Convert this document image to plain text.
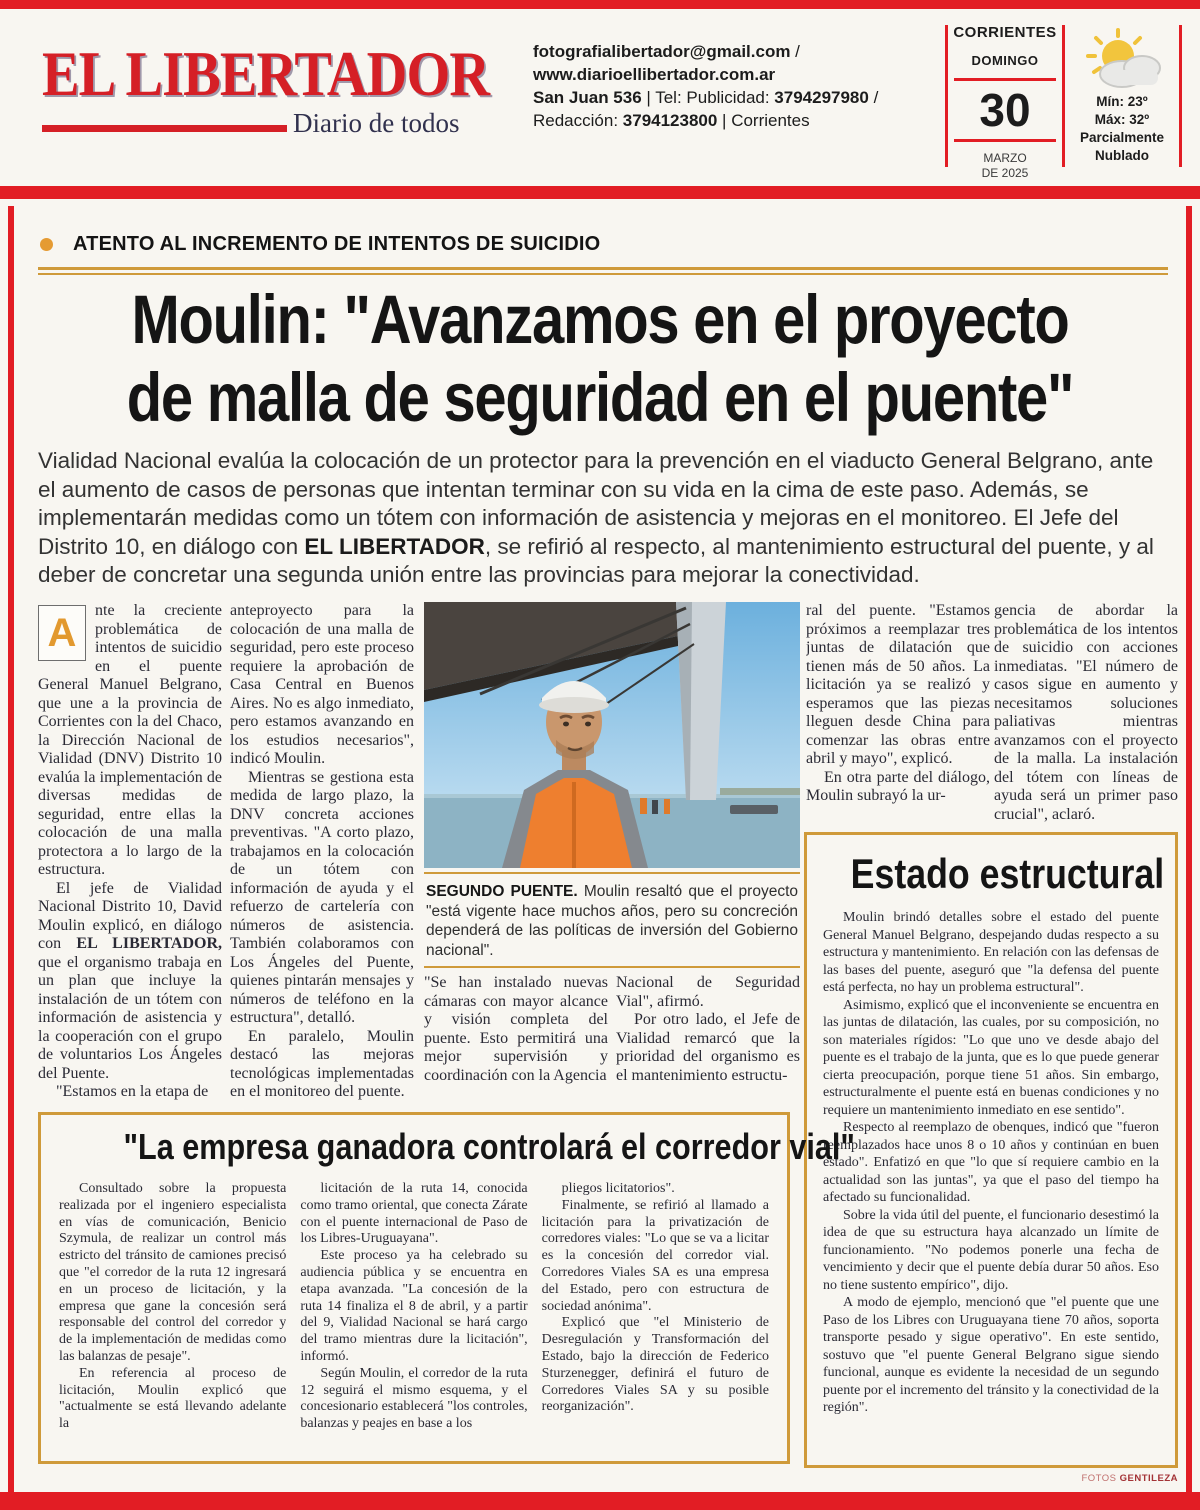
EL LIBERTADOR
Diario de todos
fotografialibertador@gmail.com /
www.diarioellibertador.com.ar
San Juan 536 | Tel: Publicidad: 3794297980 /
Redacción: 3794123800 | Corrientes
CORRIENTES
DOMINGO
30
MARZO
DE 2025
Mín: 23º
Máx: 32º
Parcialmente
Nublado
ATENTO AL INCREMENTO DE INTENTOS DE SUICIDIO
Moulin: "Avanzamos en el proyecto
de malla de seguridad en el puente"
Vialidad Nacional evalúa la colocación de un protector para la prevención en el viaducto General Belgrano, ante el aumento de casos de personas que intentan terminar con su vida en la cima de este paso. Además, se implementarán medidas como un tótem con información de asistencia y mejoras en el monitoreo. El Jefe del Distrito 10, en diálogo con EL LIBERTADOR, se refirió al respecto, al mantenimiento estructural del puente, y al deber de concretar una segunda unión entre las provincias para mejorar la conectividad.
A

nte la creciente problemática de intentos de suicidio en el puente General Manuel Belgrano, que une a la provincia de Corrientes con la del Chaco, la Dirección Nacional de Vialidad (DNV) Distrito 10 evalúa la implementación de diversas medidas de seguridad, entre ellas la colocación de una malla protectora a lo largo de la estructura.

El jefe de Vialidad Nacional Distrito 10, David Moulin explicó, en diálogo con EL LIBERTADOR, que el organismo trabaja en un plan que incluye la instalación de un tótem con información de asistencia y la cooperación con el grupo de voluntarios Los Ángeles del Puente.

"Estamos en la etapa de

anteproyecto para la colocación de una malla de seguridad, pero este proceso requiere la aprobación de Casa Central en Buenos Aires. No es algo inmediato, pero estamos avanzando en los estudios necesarios", indicó Moulin.

Mientras se gestiona esta medida de largo plazo, la DNV concreta acciones preventivas. "A corto plazo, trabajamos en la colocación de un tótem con información de ayuda y el refuerzo de cartelería con números de asistencia. También colaboramos con Los Ángeles del Puente, quienes pintarán mensajes y números de teléfono en la estructura", detalló.

En paralelo, Moulin destacó las mejoras tecnológicas implementadas en el monitoreo del puente.

SEGUNDO PUENTE. Moulin resaltó que el proyecto "está vigente hace muchos años, pero su concreción dependerá de las políticas de inversión del Gobierno nacional".

"Se han instalado nuevas cámaras con mayor alcance y visión completa del puente. Esto permitirá una mejor supervisión y coordinación con la Agencia

Nacional de Seguridad Vial", afirmó.

Por otro lado, el Jefe de Vialidad remarcó que la prioridad del organismo es el mantenimiento estructu-

ral del puente. "Estamos próximos a reemplazar tres juntas de dilatación que tienen más de 50 años. La licitación ya se realizó y esperamos que las piezas lleguen desde China para comenzar las obras entre abril y mayo", explicó.

En otra parte del diálogo, Moulin subrayó la ur-

gencia de abordar la problemática de los intentos de suicidio con acciones inmediatas. "El número de casos sigue en aumento y necesitamos soluciones paliativas mientras avanzamos con el proyecto de la malla. La instalación del tótem con líneas de ayuda será un primer paso crucial", aclaró.

Estado estructural

Moulin brindó detalles sobre el estado del puente General Manuel Belgrano, despejando dudas respecto a su estructura y mantenimiento. En relación con las defensas de las bases del puente, aseguró que "la defensa del puente está perfecta, no hay un problema estructural".

Asimismo, explicó que el inconveniente se encuentra en las juntas de dilatación, las cuales, por su composición, no son materiales rígidos: "Lo que uno ve desde abajo del puente es el trabajo de la junta, que es lo que puede generar cierta preocupación, porque tiene 51 años. Sin embargo, estructuralmente el puente está en buenas condiciones y no requiere un mantenimiento inmediato en ese sentido".

Respecto al reemplazo de obenques, indicó que "fueron reemplazados hace unos 8 o 10 años y continúan en buen estado". Enfatizó en que "lo que sí requiere cambio en la actualidad son las juntas", ya que el paso del tiempo ha afectado su funcionalidad.

Sobre la vida útil del puente, el funcionario desestimó la idea de que su estructura haya alcanzado un límite de funcionamiento. "No podemos ponerle una fecha de vencimiento y decir que el puente debía durar 50 años. Eso no tiene sustento empírico", dijo.

A modo de ejemplo, mencionó que "el puente que une Paso de los Libres con Uruguayana tiene 70 años, soporta transporte pesado y sigue operativo". En este sentido, sostuvo que "el puente General Belgrano sigue siendo funcional, aunque es evidente la necesidad de un segundo puente por el incremento del tránsito y la conectividad de la región".

"La empresa ganadora controlará el corredor vial"

Consultado sobre la propuesta realizada por el ingeniero especialista en vías de comunicación, Benicio Szymula, de realizar un control más estricto del tránsito de camiones precisó que "el corredor de la ruta 12 ingresará en un proceso de licitación, y la empresa que gane la concesión será responsable del control del corredor y de la implementación de medidas como las balanzas de pesaje".

En referencia al proceso de licitación, Moulin explicó que "actualmente se está llevando adelante la

licitación de la ruta 14, conocida como tramo oriental, que conecta Zárate con el puente internacional de Paso de los Libres-Uruguayana".

Este proceso ya ha celebrado su audiencia pública y se encuentra en etapa avanzada. "La concesión de la ruta 14 finaliza el 8 de abril, y a partir del 9, Vialidad Nacional se hará cargo del tramo mientras dure la licitación", informó.

Según Moulin, el corredor de la ruta 12 seguirá el mismo esquema, y el concesionario establecerá "los controles, balanzas y peajes en base a los

pliegos licitatorios".

Finalmente, se refirió al llamado a licitación para la privatización de corredores viales: "Lo que se va a licitar es la concesión del corredor vial. Corredores Viales SA es una empresa del Estado, pero con estructura de sociedad anónima".

Explicó que "el Ministerio de Desregulación y Transformación del Estado, bajo la dirección de Federico Sturzenegger, definirá el futuro de Corredores Viales SA y su posible reorganización".

FOTOS GENTILEZA
